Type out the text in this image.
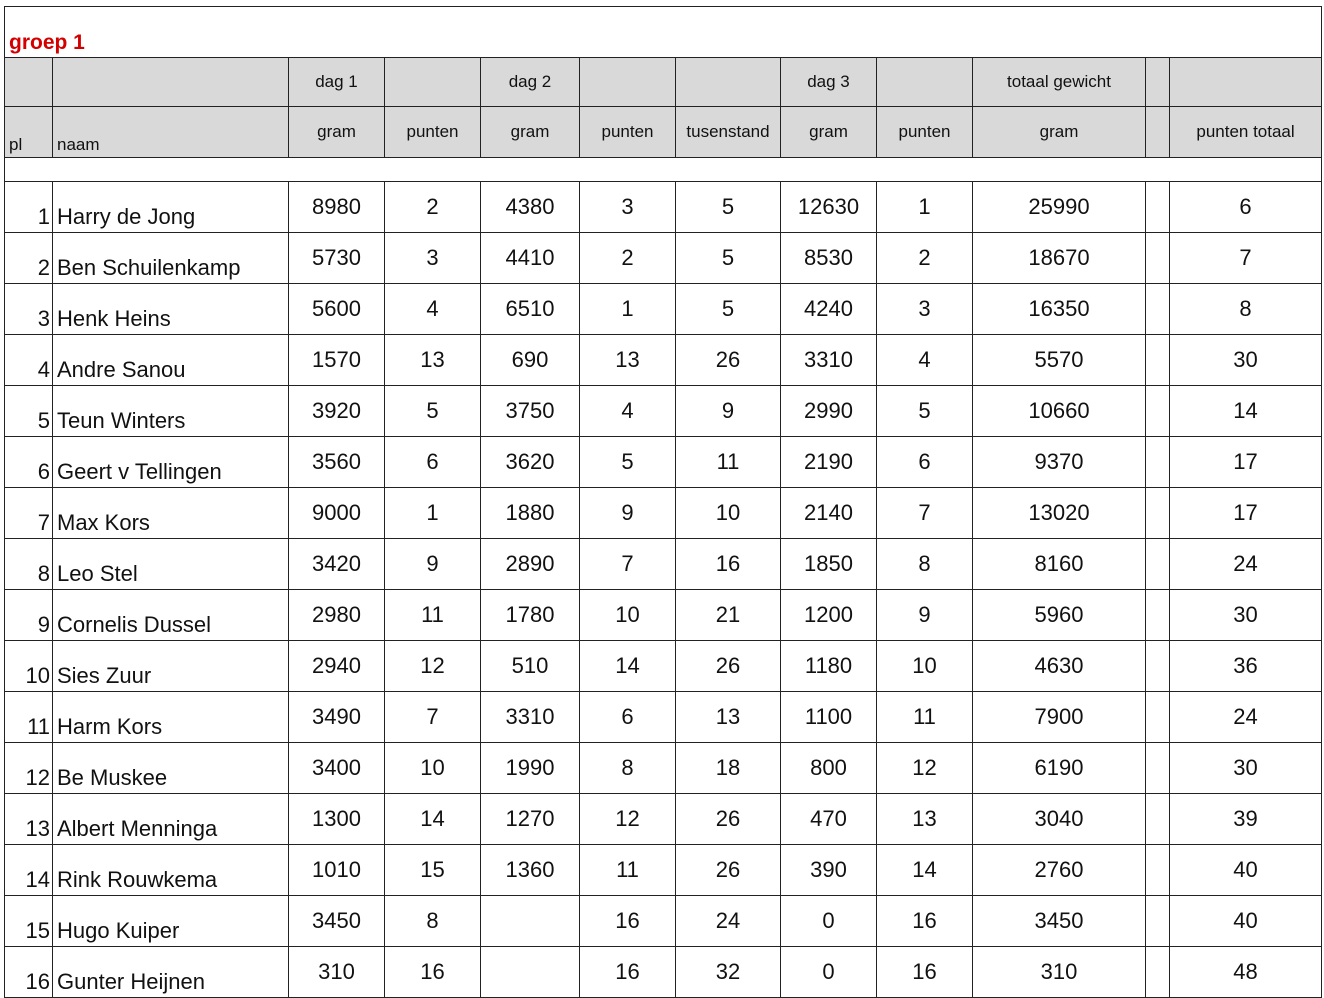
groep 1											
		dag 1		dag 2			dag 3		totaal gewicht		
pl	naam	gram	punten	gram	punten	tusenstand	gram	punten	gram		punten totaal

1	Harry de Jong	8980	2	4380	3	5	12630	1	25990		6
2	Ben Schuilenkamp	5730	3	4410	2	5	8530	2	18670		7
3	Henk Heins	5600	4	6510	1	5	4240	3	16350		8
4	Andre Sanou	1570	13	690	13	26	3310	4	5570		30
5	Teun Winters	3920	5	3750	4	9	2990	5	10660		14
6	Geert v Tellingen	3560	6	3620	5	11	2190	6	9370		17
7	Max Kors	9000	1	1880	9	10	2140	7	13020		17
8	Leo Stel	3420	9	2890	7	16	1850	8	8160		24
9	Cornelis Dussel	2980	11	1780	10	21	1200	9	5960		30
10	Sies Zuur	2940	12	510	14	26	1180	10	4630		36
11	Harm Kors	3490	7	3310	6	13	1100	11	7900		24
12	Be Muskee	3400	10	1990	8	18	800	12	6190		30
13	Albert Menninga	1300	14	1270	12	26	470	13	3040		39
14	Rink Rouwkema	1010	15	1360	11	26	390	14	2760		40
15	Hugo Kuiper	3450	8		16	24	0	16	3450		40
16	Gunter Heijnen	310	16		16	32	0	16	310		48
